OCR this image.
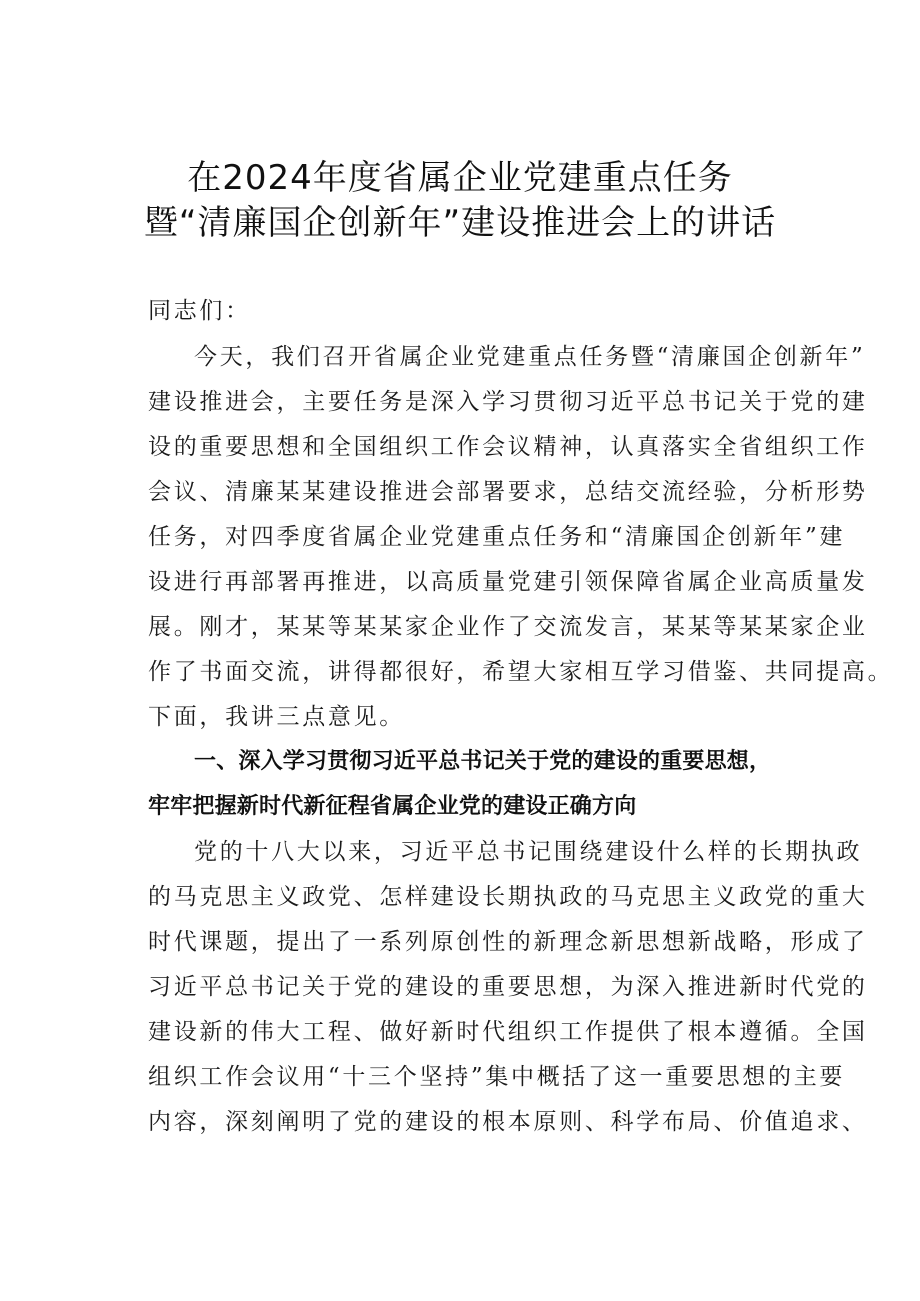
在2024年度省属企业党建重点任务
暨“清廉国企创新年”建设推进会上的讲话
同志们：
今天，我们召开省属企业党建重点任务暨“清廉国企创新年”
建设推进会，主要任务是深入学习贯彻习近平总书记关于党的建
设的重要思想和全国组织工作会议精神，认真落实全省组织工作
会议、清廉某某建设推进会部署要求，总结交流经验，分析形势
任务，对四季度省属企业党建重点任务和“清廉国企创新年”建
设进行再部署再推进，以高质量党建引领保障省属企业高质量发
展。刚才，某某等某某家企业作了交流发言，某某等某某家企业
作了书面交流，讲得都很好，希望大家相互学习借鉴、共同提高。
下面，我讲三点意见。
一、深入学习贯彻习近平总书记关于党的建设的重要思想，
牢牢把握新时代新征程省属企业党的建设正确方向
党的十八大以来，习近平总书记围绕建设什么样的长期执政
的马克思主义政党、怎样建设长期执政的马克思主义政党的重大
时代课题，提出了一系列原创性的新理念新思想新战略，形成了
习近平总书记关于党的建设的重要思想，为深入推进新时代党的
建设新的伟大工程、做好新时代组织工作提供了根本遵循。全国
组织工作会议用“十三个坚持”集中概括了这一重要思想的主要
内容，深刻阐明了党的建设的根本原则、科学布局、价值追求、
